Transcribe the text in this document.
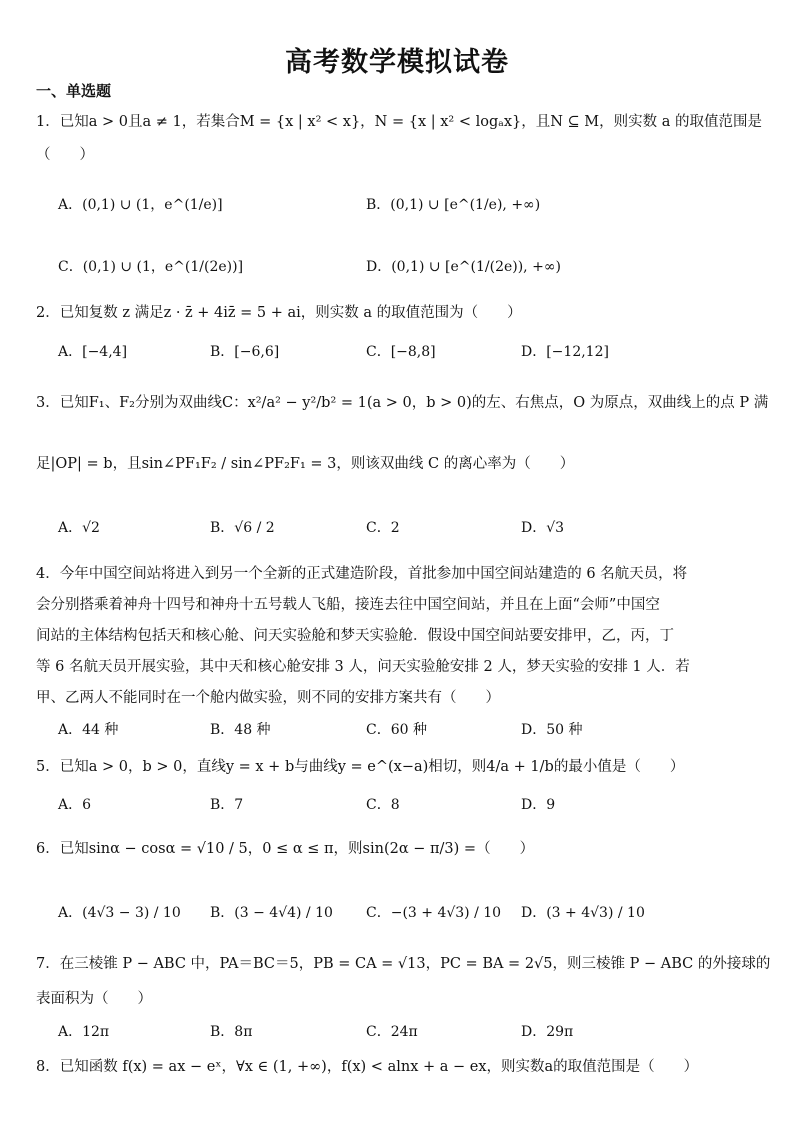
高考数学模拟试卷
一、单选题
1．已知a > 0且a ≠ 1，若集合M = {x | x² < x}，N = {x | x² < logₐx}，且N ⊆ M，则实数 a 的取值范围是
（　　）
A．(0,1) ∪ (1，e^(1/e)]	B．(0,1) ∪ [e^(1/e), +∞)
C．(0,1) ∪ (1，e^(1/(2e))]	D．(0,1) ∪ [e^(1/(2e)), +∞)
2．已知复数 z 满足z · z̄ + 4iz̄ = 5 + ai，则实数 a 的取值范围为（　　）
A．[−4,4]	B．[−6,6]	C．[−8,8]	D．[−12,12]
3．已知F₁、F₂分别为双曲线C：x²/a² − y²/b² = 1(a > 0，b > 0)的左、右焦点，O 为原点，双曲线上的点 P 满
足|OP| = b，且sin∠PF₁F₂ / sin∠PF₂F₁ = 3，则该双曲线 C 的离心率为（　　）
A．√2	B．√6 / 2	C．2	D．√3
4．今年中国空间站将进入到另一个全新的正式建造阶段，首批参加中国空间站建造的 6 名航天员，将
会分别搭乘着神舟十四号和神舟十五号载人飞船，接连去往中国空间站，并且在上面“会师”中国空
间站的主体结构包括天和核心舱、问天实验舱和梦天实验舱．假设中国空间站要安排甲，乙，丙，丁
等 6 名航天员开展实验，其中天和核心舱安排 3 人，问天实验舱安排 2 人，梦天实验的安排 1 人．若
甲、乙两人不能同时在一个舱内做实验，则不同的安排方案共有（　　）
A．44 种	B．48 种	C．60 种	D．50 种
5．已知a > 0，b > 0，直线y = x + b与曲线y = e^(x−a)相切，则4/a + 1/b的最小值是（　　）
A．6	B．7	C．8	D．9
6．已知sinα − cosα = √10 / 5，0 ≤ α ≤ π，则sin(2α − π/3) =（　　）
A．(4√3 − 3) / 10 B．(3 − 4√4) / 10 C．−(3 + 4√3) / 10 D．(3 + 4√3) / 10
7．在三棱锥 P − ABC 中，PA＝BC＝5，PB = CA = √13，PC = BA = 2√5，则三棱锥 P − ABC 的外接球的
表面积为（　　）
A．12π	B．8π	C．24π	D．29π
8．已知函数 f(x) = ax − eˣ，∀x ∈ (1, +∞)，f(x) < alnx + a − ex，则实数a的取值范围是（　　）
